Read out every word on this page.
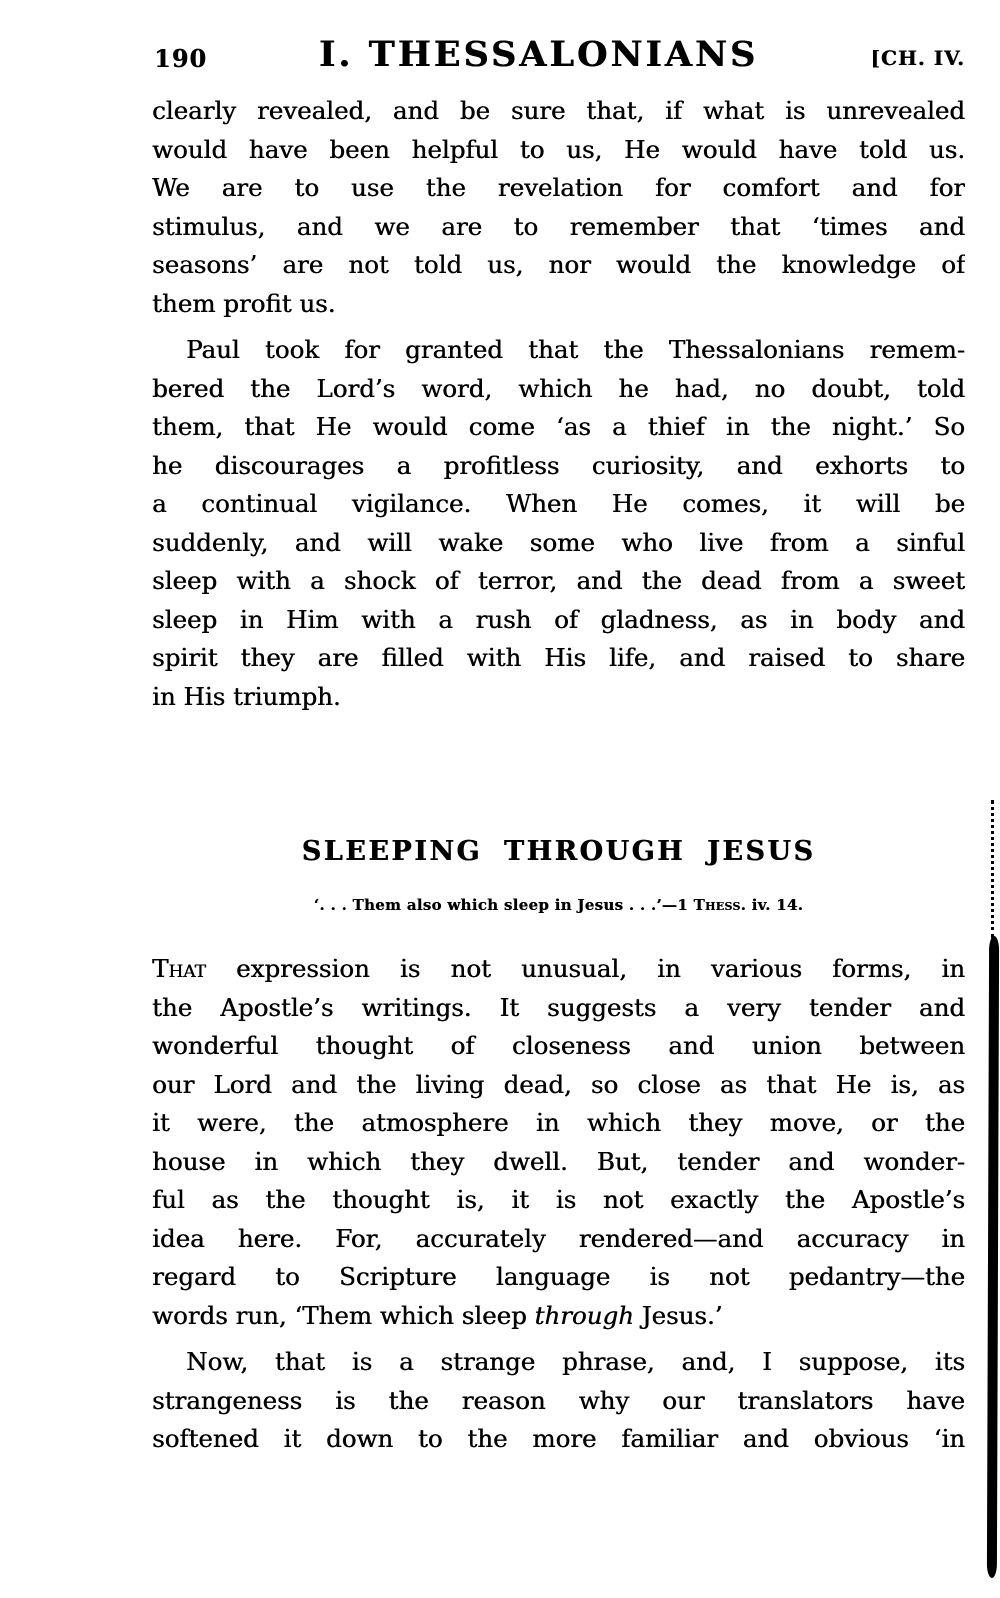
190	I. THESSALONIANS	[CH. IV.
clearly revealed, and be sure that, if what is unrevealed
would have been helpful to us, He would have told us.
We are to use the revelation for comfort and for
stimulus, and we are to remember that ‘times and
seasons’ are not told us, nor would the knowledge of
them profit us.
Paul took for granted that the Thessalonians remem-
bered the Lord’s word, which he had, no doubt, told
them, that He would come ‘as a thief in the night.’ So
he discourages a profitless curiosity, and exhorts to
a continual vigilance. When He comes, it will be
suddenly, and will wake some who live from a sinful
sleep with a shock of terror, and the dead from a sweet
sleep in Him with a rush of gladness, as in body and
spirit they are filled with His life, and raised to share
in His triumph.
SLEEPING THROUGH JESUS
‘. . . Them also which sleep in Jesus . . .’—1 Thess. iv. 14.
That expression is not unusual, in various forms, in
the Apostle’s writings. It suggests a very tender and
wonderful thought of closeness and union between
our Lord and the living dead, so close as that He is, as
it were, the atmosphere in which they move, or the
house in which they dwell. But, tender and wonder-
ful as the thought is, it is not exactly the Apostle’s
idea here. For, accurately rendered—and accuracy in
regard to Scripture language is not pedantry—the
words run, ‘Them which sleep through Jesus.’
Now, that is a strange phrase, and, I suppose, its
strangeness is the reason why our translators have
softened it down to the more familiar and obvious ‘in
